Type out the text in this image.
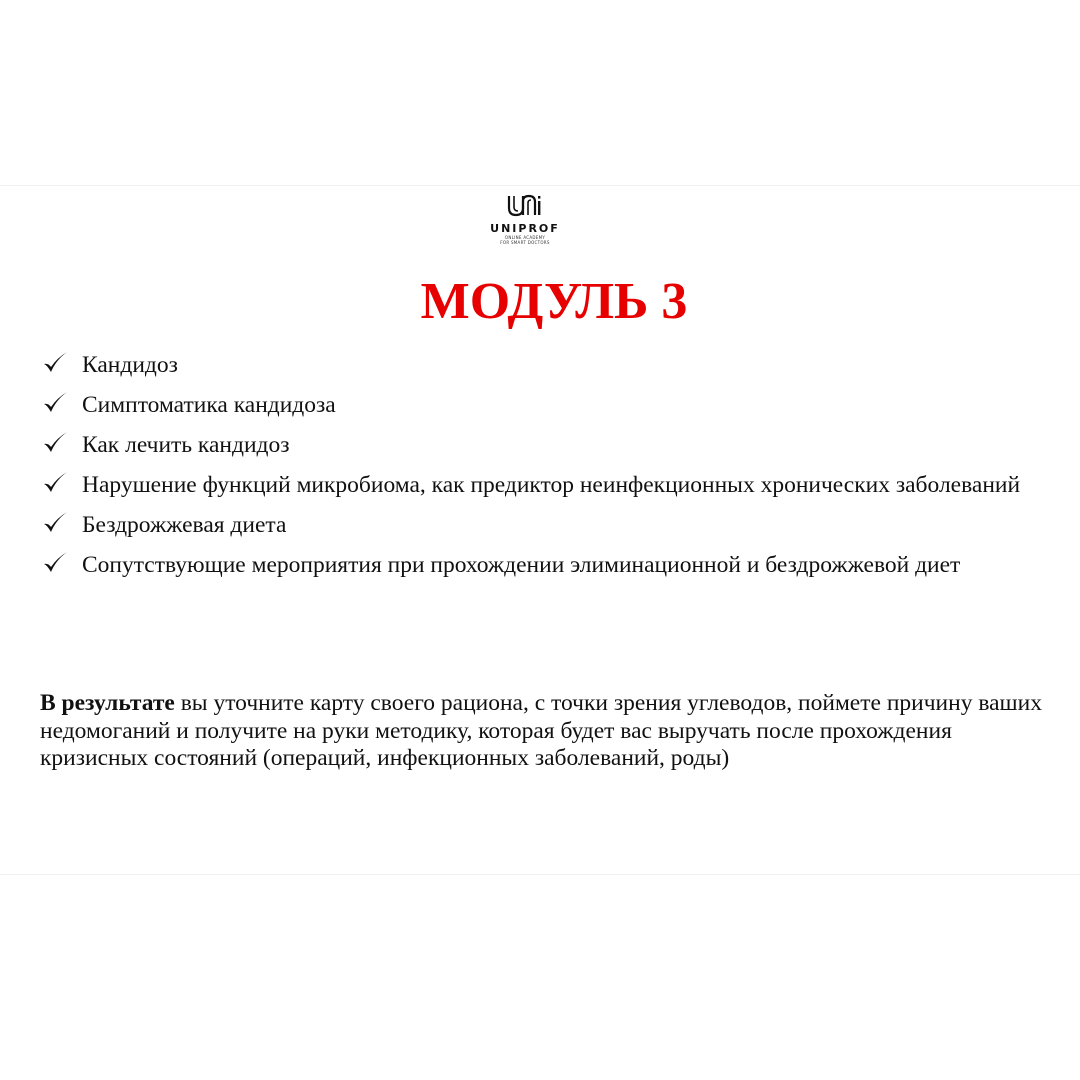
UNIPROF
ONLINE ACADEMY
FOR SMART DOCTORS
МОДУЛЬ 3
Кандидоз
Симптоматика кандидоза
Как лечить кандидоз
Нарушение функций микробиома, как предиктор неинфекционных хронических заболеваний
Бездрожжевая диета
Сопутствующие мероприятия при прохождении элиминационной и бездрожжевой диет

В результате вы уточните карту своего рациона, с точки зрения углеводов, поймете причину ваших недомоганий и получите на руки методику, которая будет вас выручать после прохождения кризисных состояний (операций, инфекционных заболеваний, роды)
